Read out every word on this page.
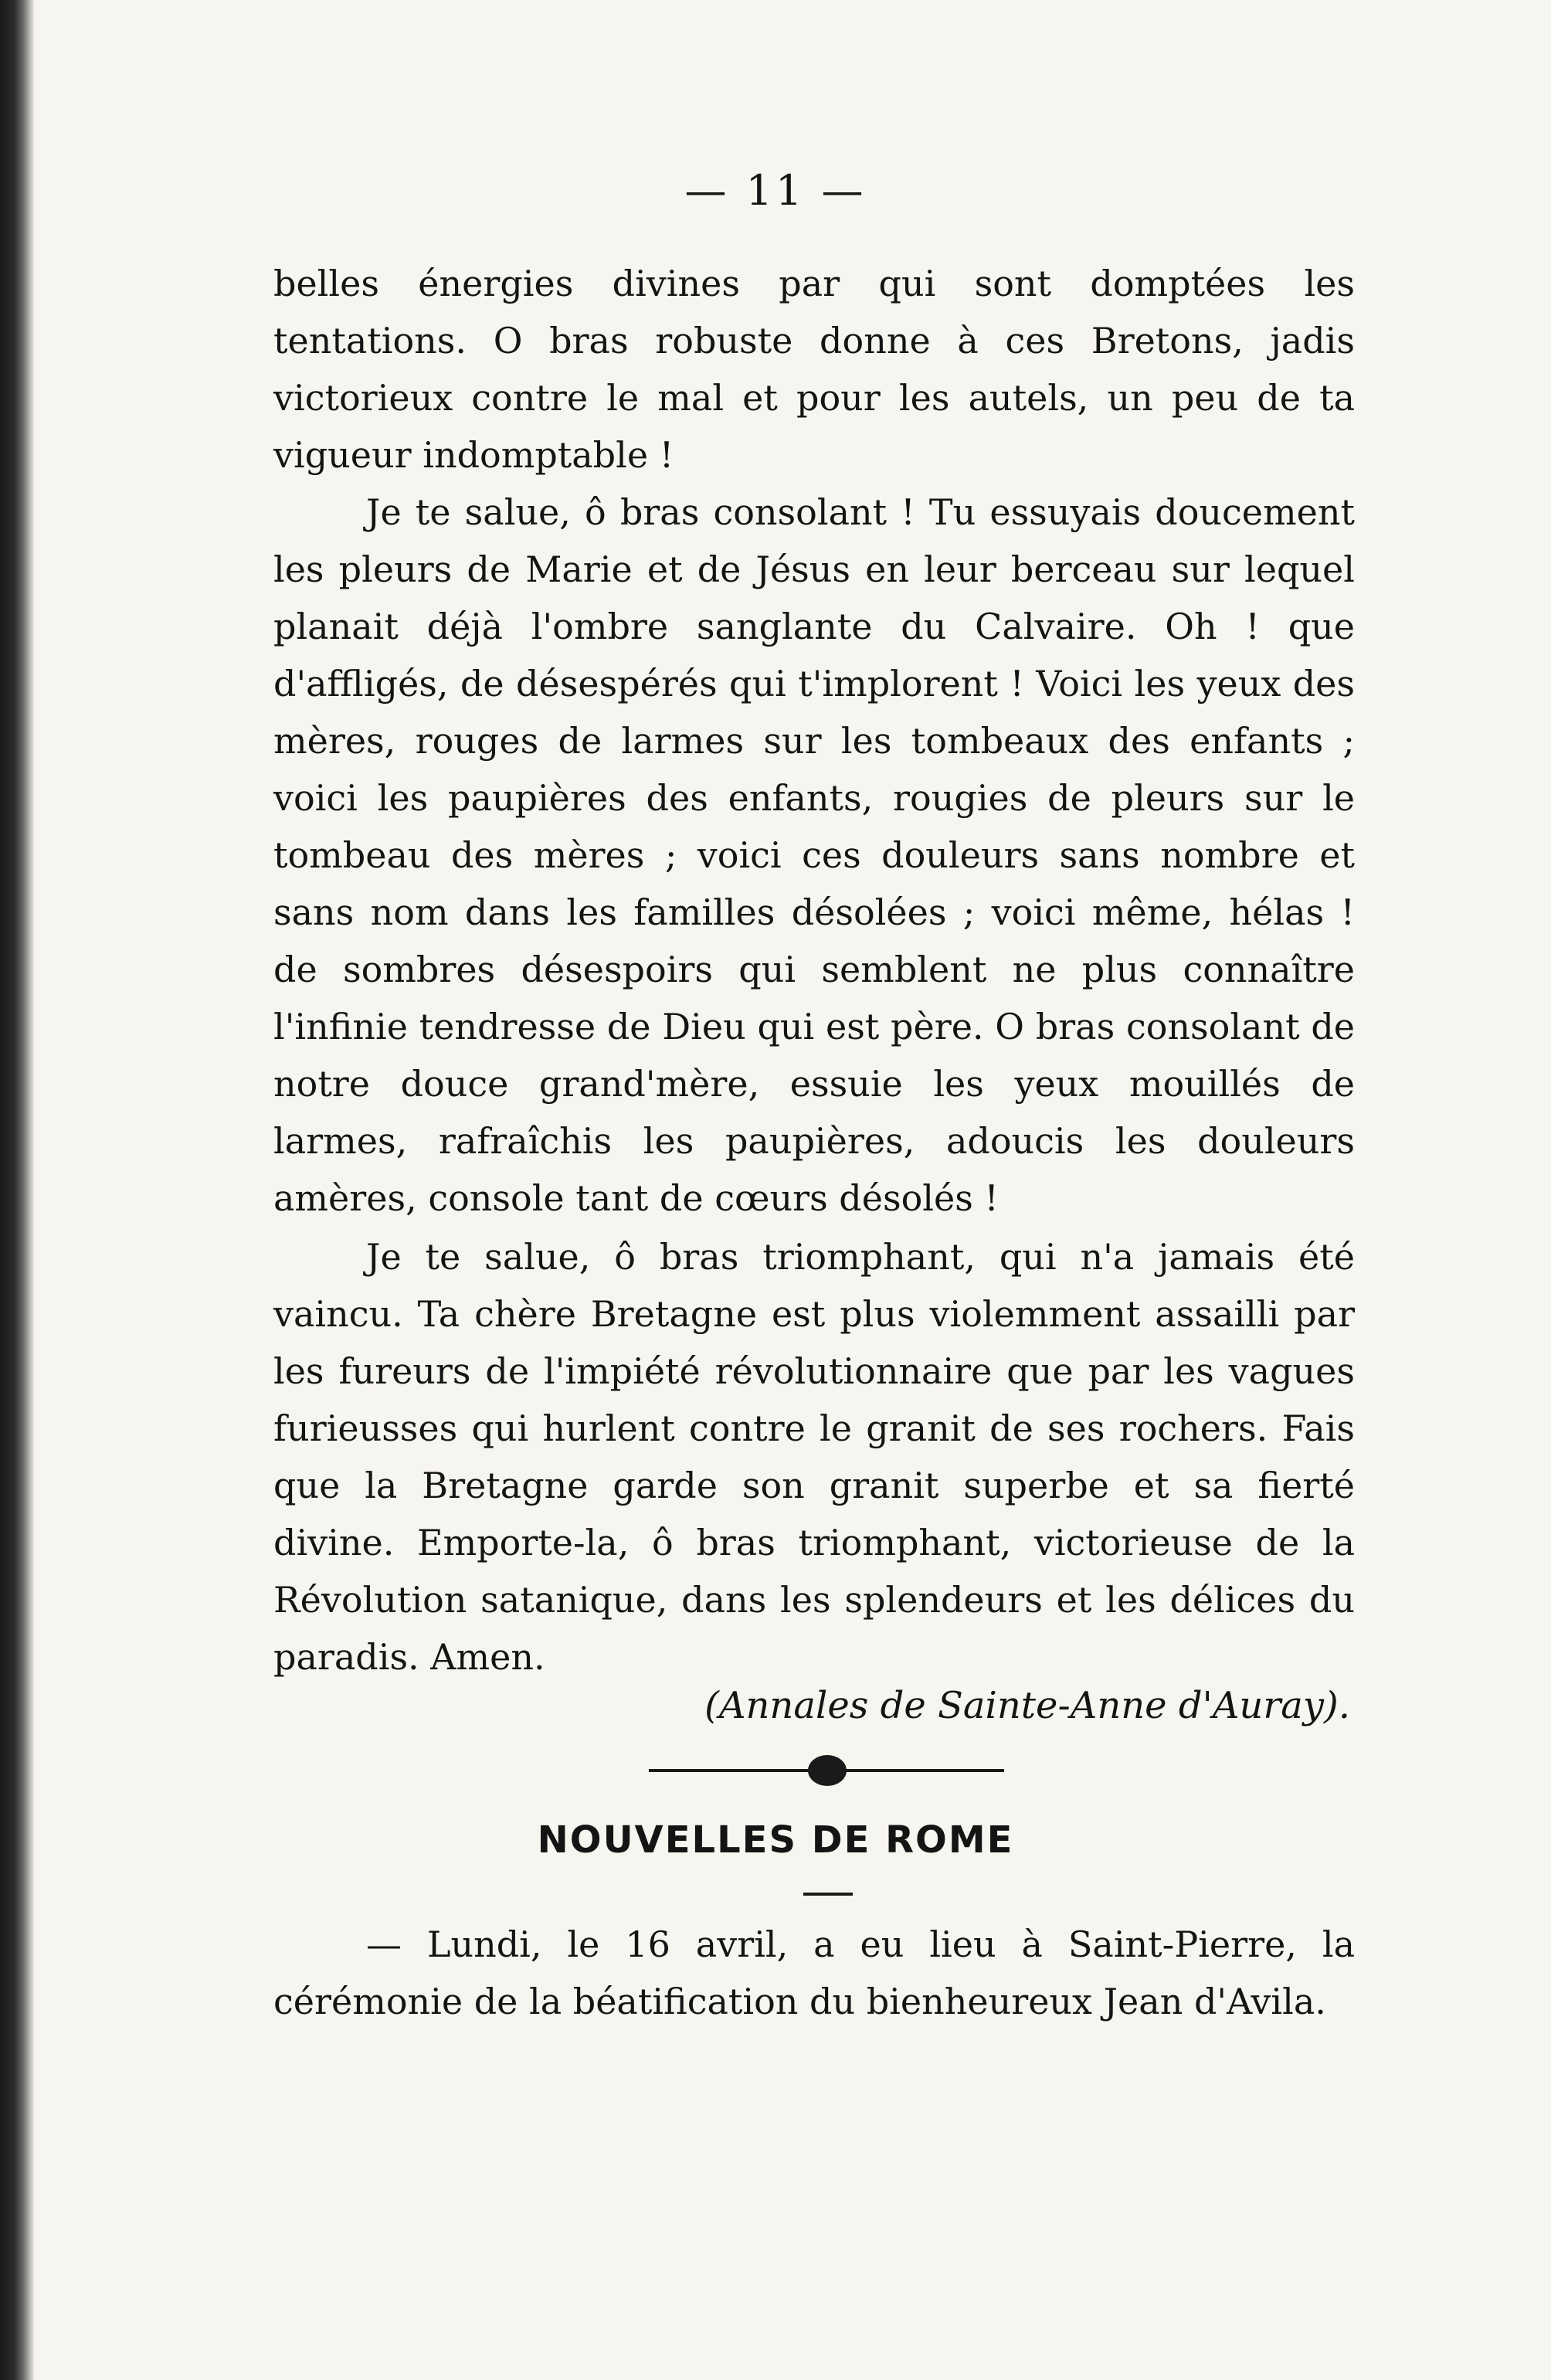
— 11 —

belles énergies divines par qui sont domptées les tentations. O bras robuste donne à ces Bretons, jadis victorieux contre le mal et pour les autels, un peu de ta vigueur indomptable !

Je te salue, ô bras consolant ! Tu essuyais doucement les pleurs de Marie et de Jésus en leur berceau sur lequel planait déjà l'ombre sanglante du Calvaire. Oh ! que d'affligés, de désespérés qui t'implorent ! Voici les yeux des mères, rouges de larmes sur les tombeaux des enfants ; voici les paupières des enfants, rougies de pleurs sur le tombeau des mères ; voici ces douleurs sans nombre et sans nom dans les familles désolées ; voici même, hélas ! de sombres désespoirs qui semblent ne plus connaître l'infinie tendresse de Dieu qui est père. O bras consolant de notre douce grand'mère, essuie les yeux mouillés de larmes, rafraîchis les paupières, adoucis les douleurs amères, console tant de cœurs désolés !

Je te salue, ô bras triomphant, qui n'a jamais été vaincu. Ta chère Bretagne est plus violemment assailli par les fureurs de l'impiété révolutionnaire que par les vagues furieusses qui hurlent contre le granit de ses rochers. Fais que la Bretagne garde son granit superbe et sa fierté divine. Emporte-la, ô bras triomphant, victorieuse de la Révolution satanique, dans les splendeurs et les délices du paradis. Amen.

(Annales de Sainte-Anne d'Auray).
NOUVELLES DE ROME

— Lundi, le 16 avril, a eu lieu à Saint-Pierre, la cérémonie de la béatification du bienheureux Jean d'Avila.
